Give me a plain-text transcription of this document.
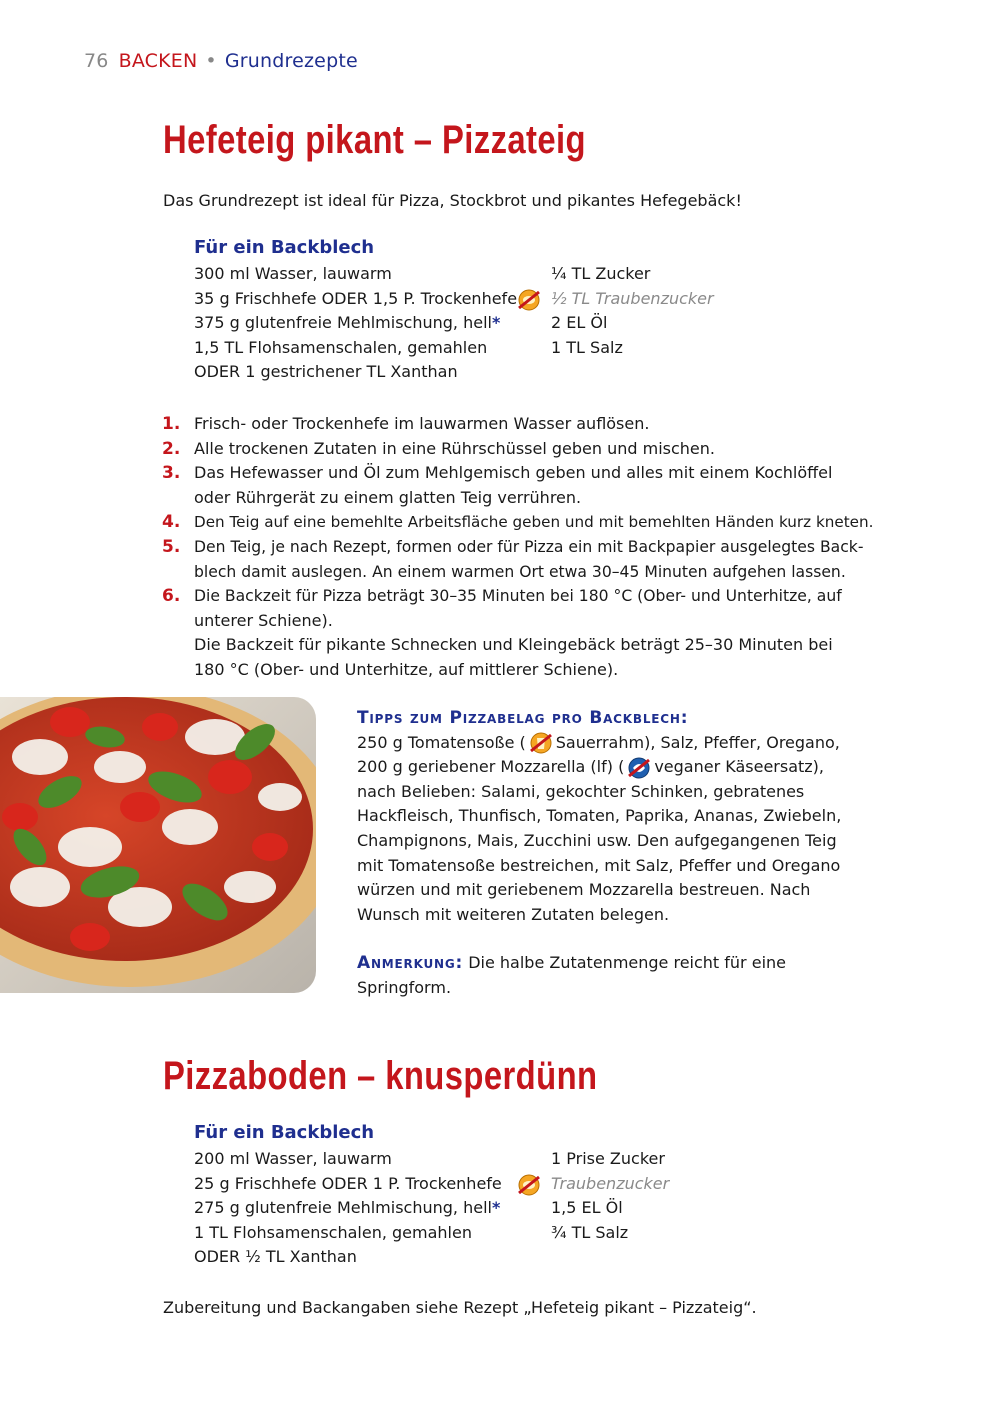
76 BACKEN • Grundrezepte
Hefeteig pikant – Pizzateig
Das Grundrezept ist ideal für Pizza, Stockbrot und pikantes Hefegebäck!
Für ein Backblech
300 ml Wasser, lauwarm
35 g Frischhefe ODER 1,5 P. Trockenhefe
375 g glutenfreie Mehlmischung, hell*
1,5 TL Flohsamenschalen, gemahlen
ODER 1 gestrichener TL Xanthan
¼ TL Zucker
½ TL Traubenzucker
2 EL Öl
1 TL Salz
1. Frisch- oder Trockenhefe im lauwarmen Wasser auflösen.
2. Alle trockenen Zutaten in eine Rührschüssel geben und mischen.
3. Das Hefewasser und Öl zum Mehlgemisch geben und alles mit einem Kochlöffel
oder Rührgerät zu einem glatten Teig verrühren.
4. Den Teig auf eine bemehlte Arbeitsfläche geben und mit bemehlten Händen kurz kneten.
5. Den Teig, je nach Rezept, formen oder für Pizza ein mit Backpapier ausgelegtes Back-
blech damit auslegen. An einem warmen Ort etwa 30–45 Minuten aufgehen lassen.
6. Die Backzeit für Pizza beträgt 30–35 Minuten bei 180 °C (Ober- und Unterhitze, auf
unterer Schiene).
Die Backzeit für pikante Schnecken und Kleingebäck beträgt 25–30 Minuten bei
180 °C (Ober- und Unterhitze, auf mittlerer Schiene).
Tipps zum Pizzabelag pro Backblech:
250 g Tomatensoße ( Sauerrahm), Salz, Pfeffer, Oregano,
200 g geriebener Mozzarella (lf) ( veganer Käseersatz),
nach Belieben: Salami, gekochter Schinken, gebratenes
Hackfleisch, Thunfisch, Tomaten, Paprika, Ananas, Zwiebeln,
Champignons, Mais, Zucchini usw. Den aufgegangenen Teig
mit Tomatensoße bestreichen, mit Salz, Pfeffer und Oregano
würzen und mit geriebenem Mozzarella bestreuen. Nach
Wunsch mit weiteren Zutaten belegen.
Anmerkung: Die halbe Zutatenmenge reicht für eine
Springform.
Pizzaboden – knusperdünn
Für ein Backblech
200 ml Wasser, lauwarm
25 g Frischhefe ODER 1 P. Trockenhefe
275 g glutenfreie Mehlmischung, hell*
1 TL Flohsamenschalen, gemahlen
ODER ½ TL Xanthan
1 Prise Zucker
Traubenzucker
1,5 EL Öl
¾ TL Salz
Zubereitung und Backangaben siehe Rezept „Hefeteig pikant – Pizzateig“.
